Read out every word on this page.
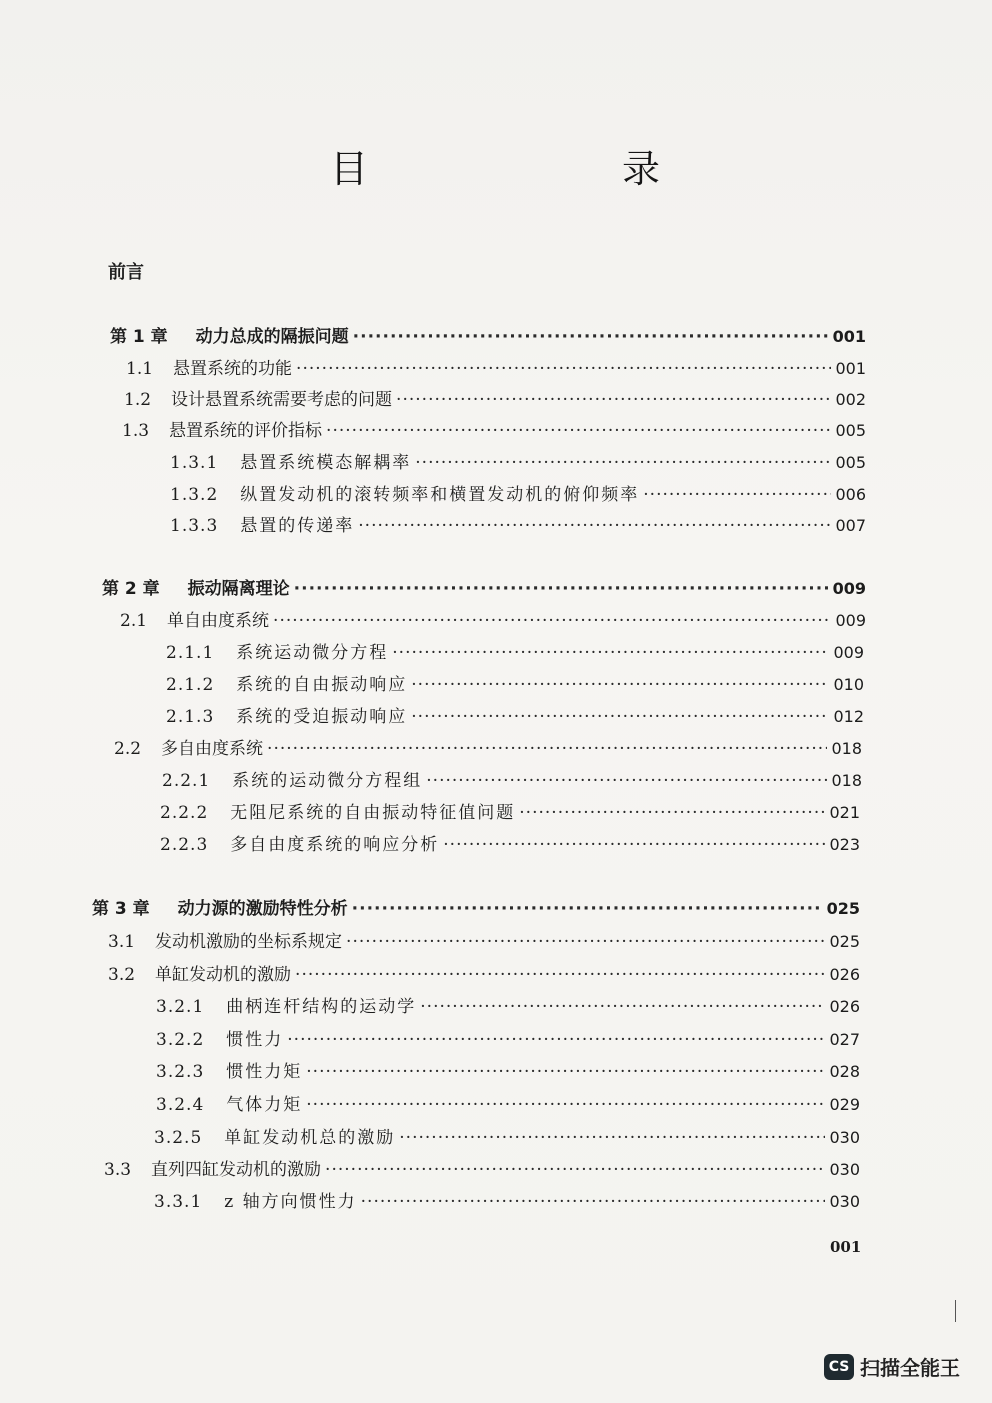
目	录
前言
第 1 章 动力总成的隔振问题 ·····	001
1.1 悬置系统的功能 ·····	001
1.2 设计悬置系统需要考虑的问题 ·····	002
1.3 悬置系统的评价指标 ·····	005
1.3.1 悬置系统模态解耦率 ·····	005
1.3.2 纵置发动机的滚转频率和横置发动机的俯仰频率 ·····	006
1.3.3 悬置的传递率 ·····	007
第 2 章 振动隔离理论 ·····	009
2.1 单自由度系统 ·····	009
2.1.1 系统运动微分方程 ·····	009
2.1.2 系统的自由振动响应 ·····	010
2.1.3 系统的受迫振动响应 ·····	012
2.2 多自由度系统 ·····	018
2.2.1 系统的运动微分方程组 ·····	018
2.2.2 无阻尼系统的自由振动特征值问题 ·····	021
2.2.3 多自由度系统的响应分析 ·····	023
第 3 章 动力源的激励特性分析 ·····	025
3.1 发动机激励的坐标系规定 ·····	025
3.2 单缸发动机的激励 ·····	026
3.2.1 曲柄连杆结构的运动学 ·····	026
3.2.2 惯性力 ·····	027
3.2.3 惯性力矩 ·····	028
3.2.4 气体力矩 ·····	029
3.2.5 单缸发动机总的激励 ·····	030
3.3 直列四缸发动机的激励 ·····	030
3.3.1 z 轴方向惯性力 ·····	030
001
CS 扫描全能王
